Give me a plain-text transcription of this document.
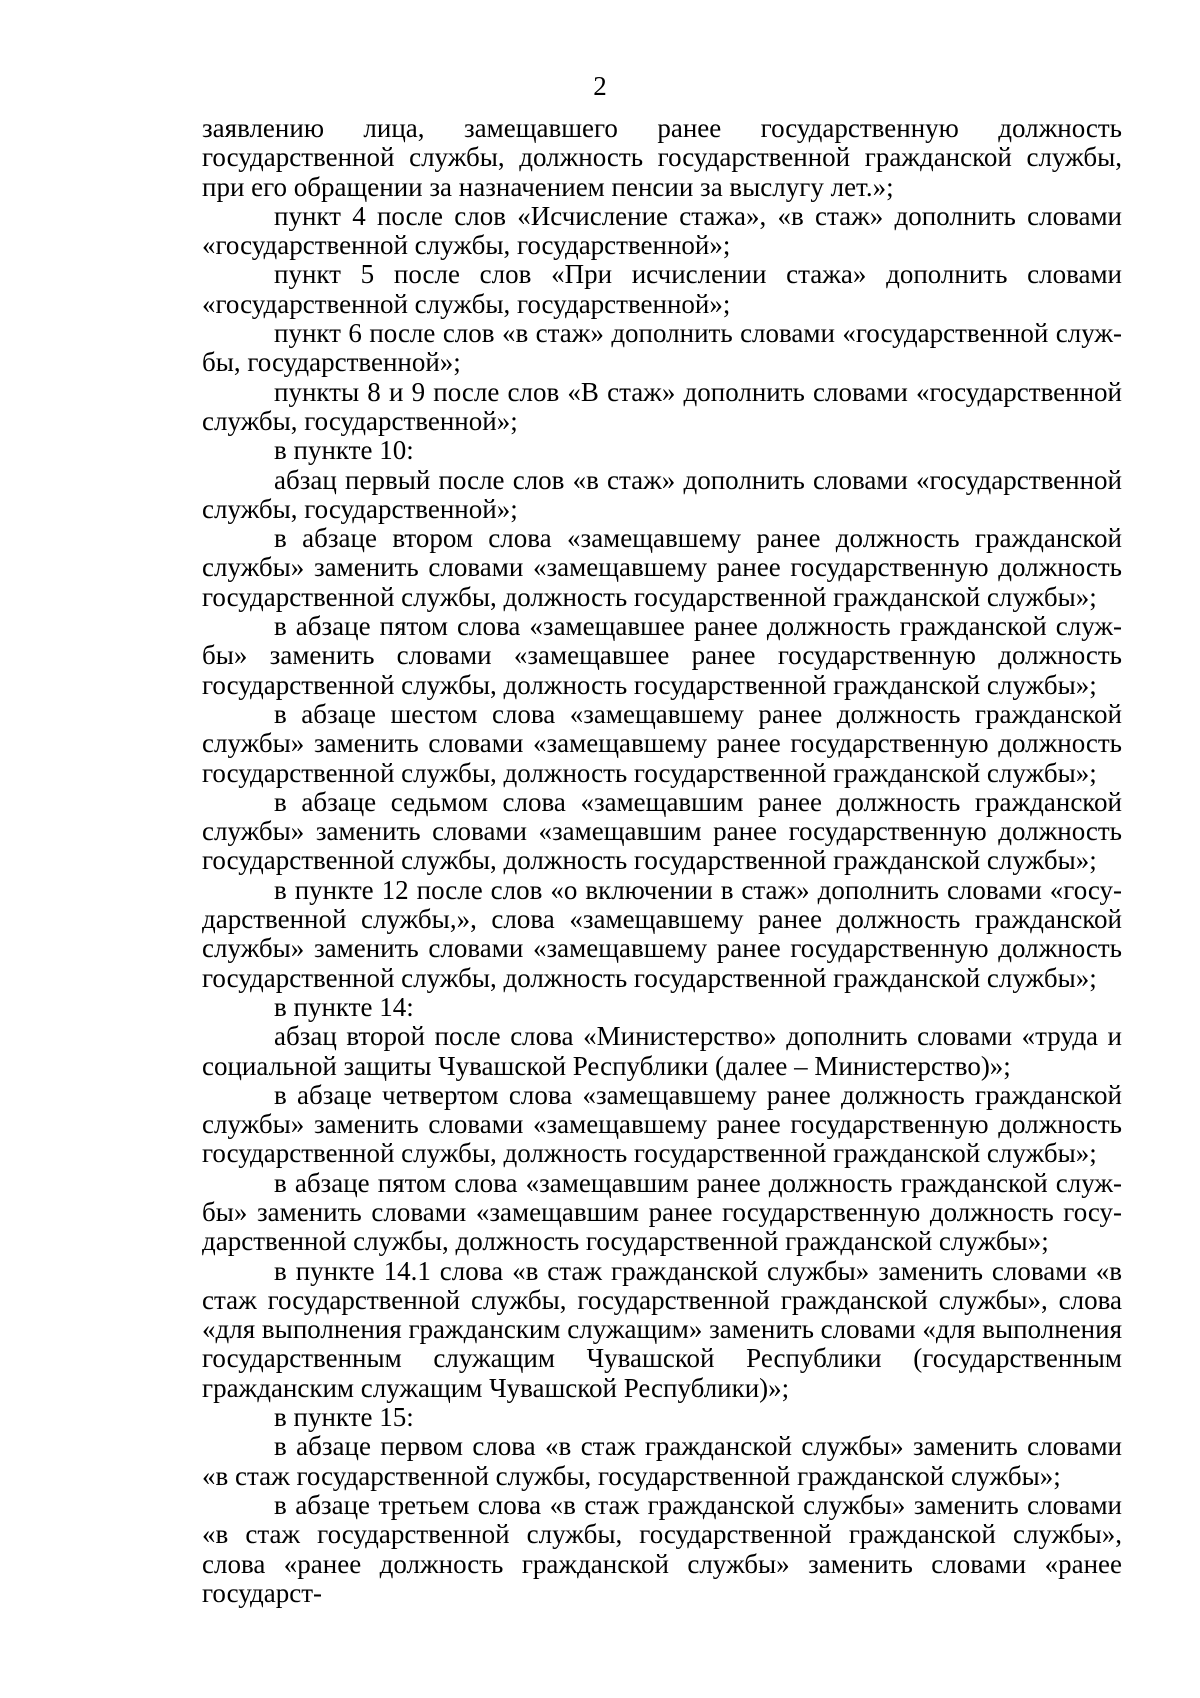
2

заявлению лица, замещавшего ранее государственную должность государственной службы, должность государственной гражданской службы, при его обращении за назначением пенсии за выслугу лет.»;

пункт 4 после слов «Исчисление стажа», «в стаж» дополнить словами «государственной службы, государственной»;

пункт 5 после слов «При исчислении стажа» дополнить словами «государственной службы, государственной»;

пункт 6 после слов «в стаж» дополнить словами «государственной службы, государственной»;

пункты 8 и 9 после слов «В стаж» дополнить словами «государственной службы, государственной»;

в пункте 10:

абзац первый после слов «в стаж» дополнить словами «государственной службы, государственной»;

в абзаце втором слова «замещавшему ранее должность гражданской службы» заменить словами «замещавшему ранее государственную должность государственной службы, должность государственной гражданской службы»;

в абзаце пятом слова «замещавшее ранее должность гражданской службы» заменить словами «замещавшее ранее государственную должность государственной службы, должность государственной гражданской службы»;

в абзаце шестом слова «замещавшему ранее должность гражданской службы» заменить словами «замещавшему ранее государственную должность государственной службы, должность государственной гражданской службы»;

в абзаце седьмом слова «замещавшим ранее должность гражданской службы» заменить словами «замещавшим ранее государственную должность государственной службы, должность государственной гражданской службы»;

в пункте 12 после слов «о включении в стаж» дополнить словами «государственной службы,», слова «замещавшему ранее должность гражданской службы» заменить словами «замещавшему ранее государственную должность государственной службы, должность государственной гражданской службы»;

в пункте 14:

абзац второй после слова «Министерство» дополнить словами «труда и социальной защиты Чувашской Республики (далее – Министерство)»;

в абзаце четвертом слова «замещавшему ранее должность гражданской службы» заменить словами «замещавшему ранее государственную должность государственной службы, должность государственной гражданской службы»;

в абзаце пятом слова «замещавшим ранее должность гражданской службы» заменить словами «замещавшим ранее государственную должность государственной службы, должность государственной гражданской службы»;

в пункте 14.1 слова «в стаж гражданской службы» заменить словами «в стаж государственной службы, государственной гражданской службы», слова «для выполнения гражданским служащим» заменить словами «для выполнения государственным служащим Чувашской Республики (государственным гражданским служащим Чувашской Республики)»;

в пункте 15:

в абзаце первом слова «в стаж гражданской службы» заменить словами «в стаж государственной службы, государственной гражданской службы»;

в абзаце третьем слова «в стаж гражданской службы» заменить словами «в стаж государственной службы, государственной гражданской службы», слова «ранее должность гражданской службы» заменить словами «ранее государст-
